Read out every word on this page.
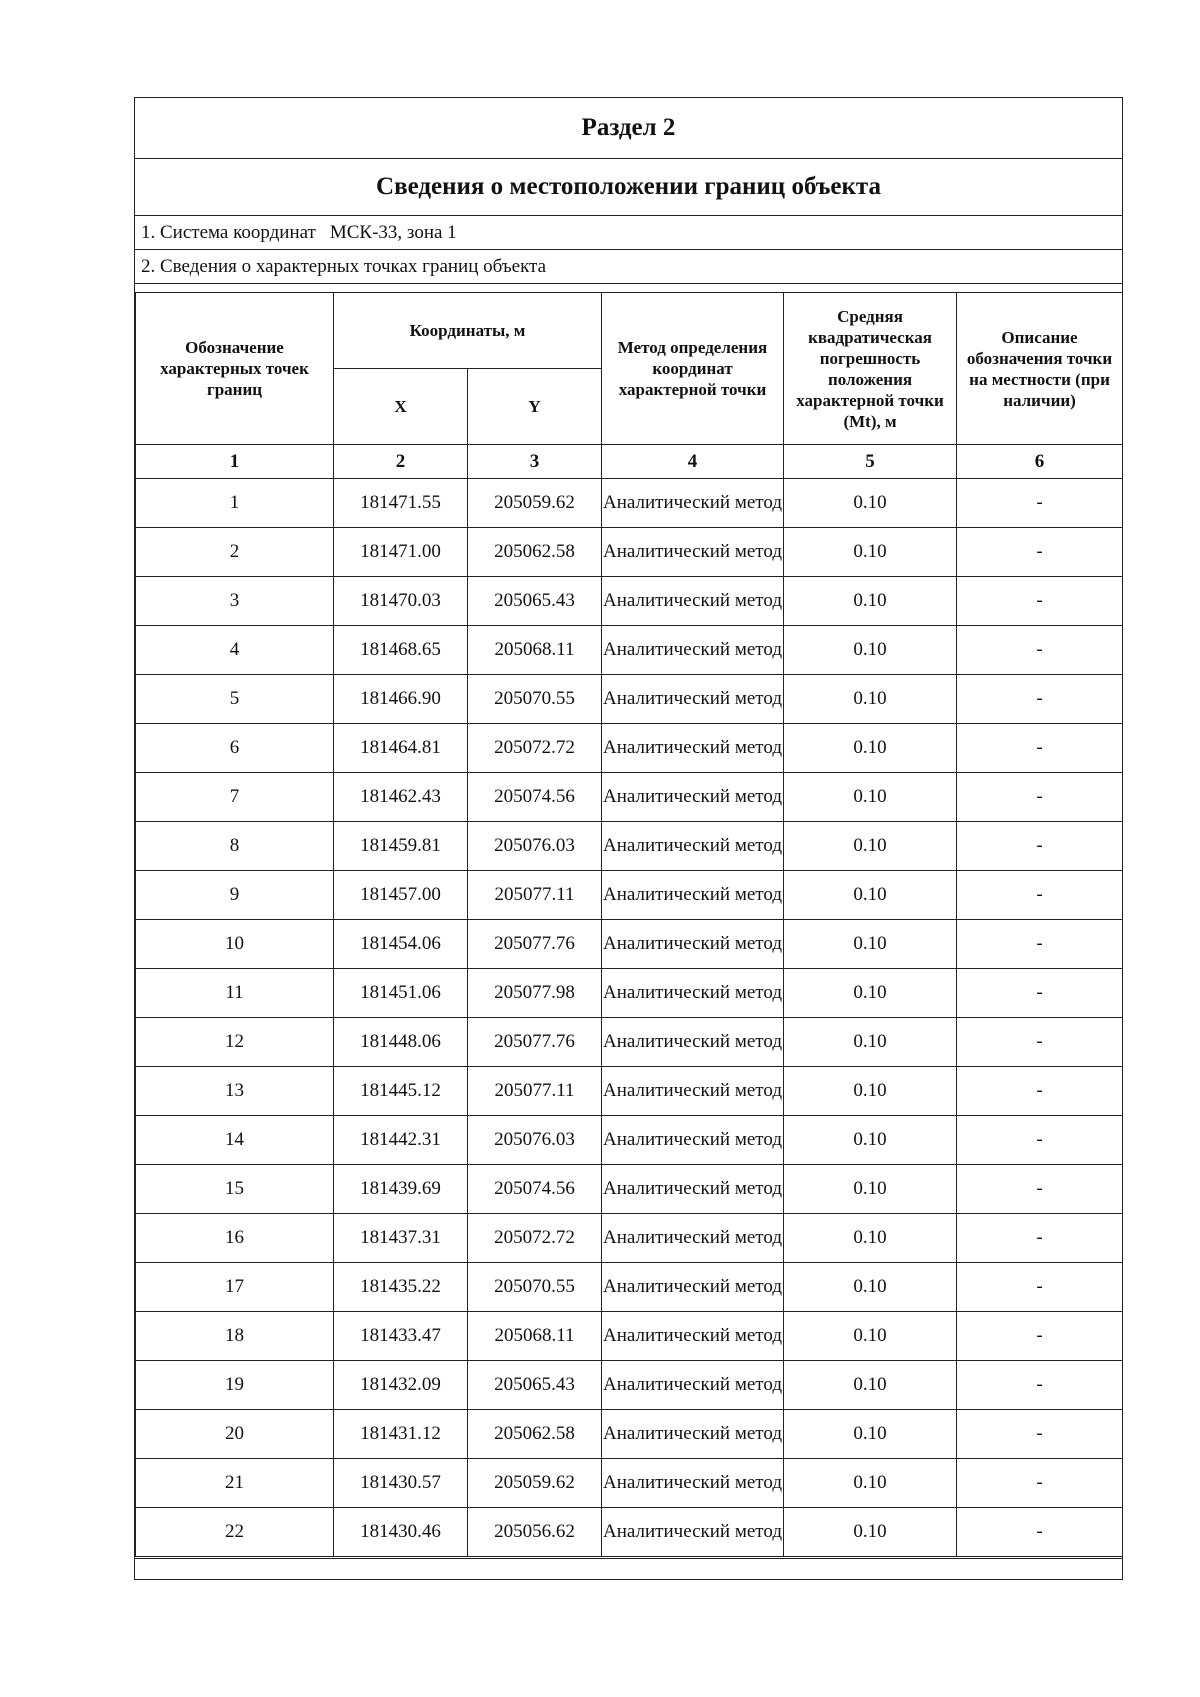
Раздел 2
Сведения о местоположении границ объекта
1. Система координат МСК-33, зона 1
2. Сведения о характерных точках границ объекта
Обозначение характерных точек границ	Координаты, м		Метод определения координат характерной точки	Средняя квадратическая погрешность положения характерной точки (Mt), м	Описание обозначения точки на местности (при наличии)
	X	Y			
1	2	3	4	5	6
1	181471.55	205059.62	Аналитический метод	0.10	-
2	181471.00	205062.58	Аналитический метод	0.10	-
3	181470.03	205065.43	Аналитический метод	0.10	-
4	181468.65	205068.11	Аналитический метод	0.10	-
5	181466.90	205070.55	Аналитический метод	0.10	-
6	181464.81	205072.72	Аналитический метод	0.10	-
7	181462.43	205074.56	Аналитический метод	0.10	-
8	181459.81	205076.03	Аналитический метод	0.10	-
9	181457.00	205077.11	Аналитический метод	0.10	-
10	181454.06	205077.76	Аналитический метод	0.10	-
11	181451.06	205077.98	Аналитический метод	0.10	-
12	181448.06	205077.76	Аналитический метод	0.10	-
13	181445.12	205077.11	Аналитический метод	0.10	-
14	181442.31	205076.03	Аналитический метод	0.10	-
15	181439.69	205074.56	Аналитический метод	0.10	-
16	181437.31	205072.72	Аналитический метод	0.10	-
17	181435.22	205070.55	Аналитический метод	0.10	-
18	181433.47	205068.11	Аналитический метод	0.10	-
19	181432.09	205065.43	Аналитический метод	0.10	-
20	181431.12	205062.58	Аналитический метод	0.10	-
21	181430.57	205059.62	Аналитический метод	0.10	-
22	181430.46	205056.62	Аналитический метод	0.10	-
